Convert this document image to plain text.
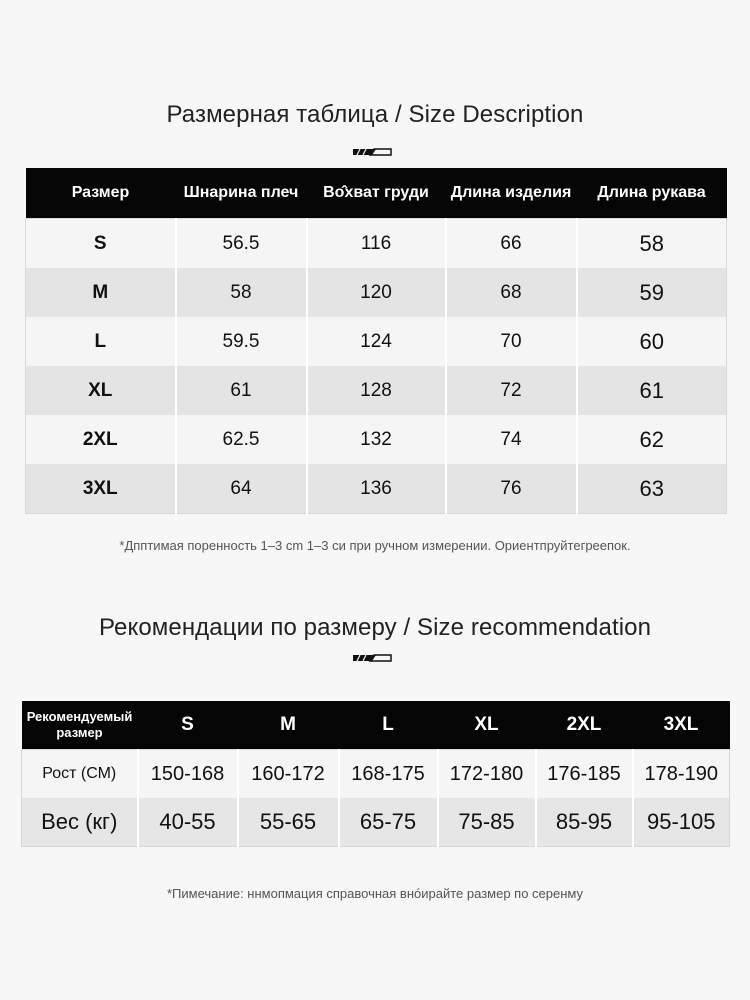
Размерная таблица / Size Description
Размер	Шнарина плеч	Во̂хват груди	Длина изделия	Длина рукава
S	56.5	116	66	58
M	58	120	68	59
L	59.5	124	70	60
XL	61	128	72	61
2XL	62.5	132	74	62
3XL	64	136	76	63
*Дпптимая поренность 1–3 cm 1–3 си при ручном измерении. Ориентпруйтегреепок.
Рекомендации по размеру / Size recommendation
Рекомендуемый размер	S	M	L	XL	2XL	3XL
Рост (СМ)	150-168	160-172	168-175	172-180	176-185	178-190
Вес (кг)	40-55	55-65	65-75	75-85	85-95	95-105
*Пимечание: ннмопмация справочная вно́ирайте размер по серенму
